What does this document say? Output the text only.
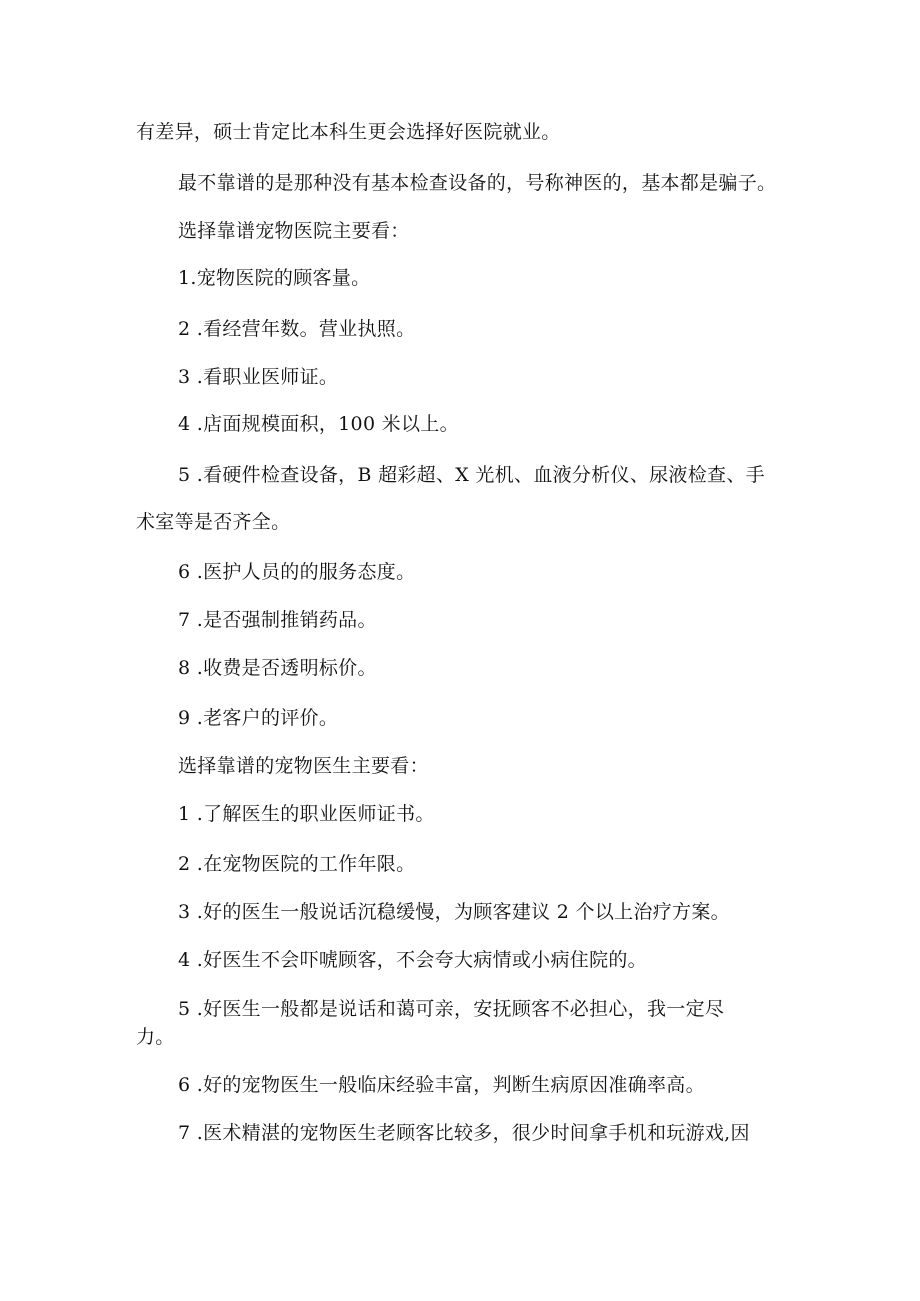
有差异，硕士肯定比本科生更会选择好医院就业。
最不靠谱的是那种没有基本检查设备的，号称神医的，基本都是骗子。
选择靠谱宠物医院主要看：
1.宠物医院的顾客量。
2 .看经营年数。营业执照。
3 .看职业医师证。
4 .店面规模面积，100 米以上。
5 .看硬件检查设备，B 超彩超、X 光机、血液分析仪、尿液检查、手
术室等是否齐全。
6 .医护人员的的服务态度。
7 .是否强制推销药品。
8 .收费是否透明标价。
9 .老客户的评价。
选择靠谱的宠物医生主要看：
1 .了解医生的职业医师证书。
2 .在宠物医院的工作年限。
3 .好的医生一般说话沉稳缓慢，为顾客建议 2 个以上治疗方案。
4 .好医生不会吓唬顾客，不会夸大病情或小病住院的。
5 .好医生一般都是说话和蔼可亲，安抚顾客不必担心，我一定尽
力。
6 .好的宠物医生一般临床经验丰富，判断生病原因准确率高。
7 .医术精湛的宠物医生老顾客比较多，很少时间拿手机和玩游戏,因
